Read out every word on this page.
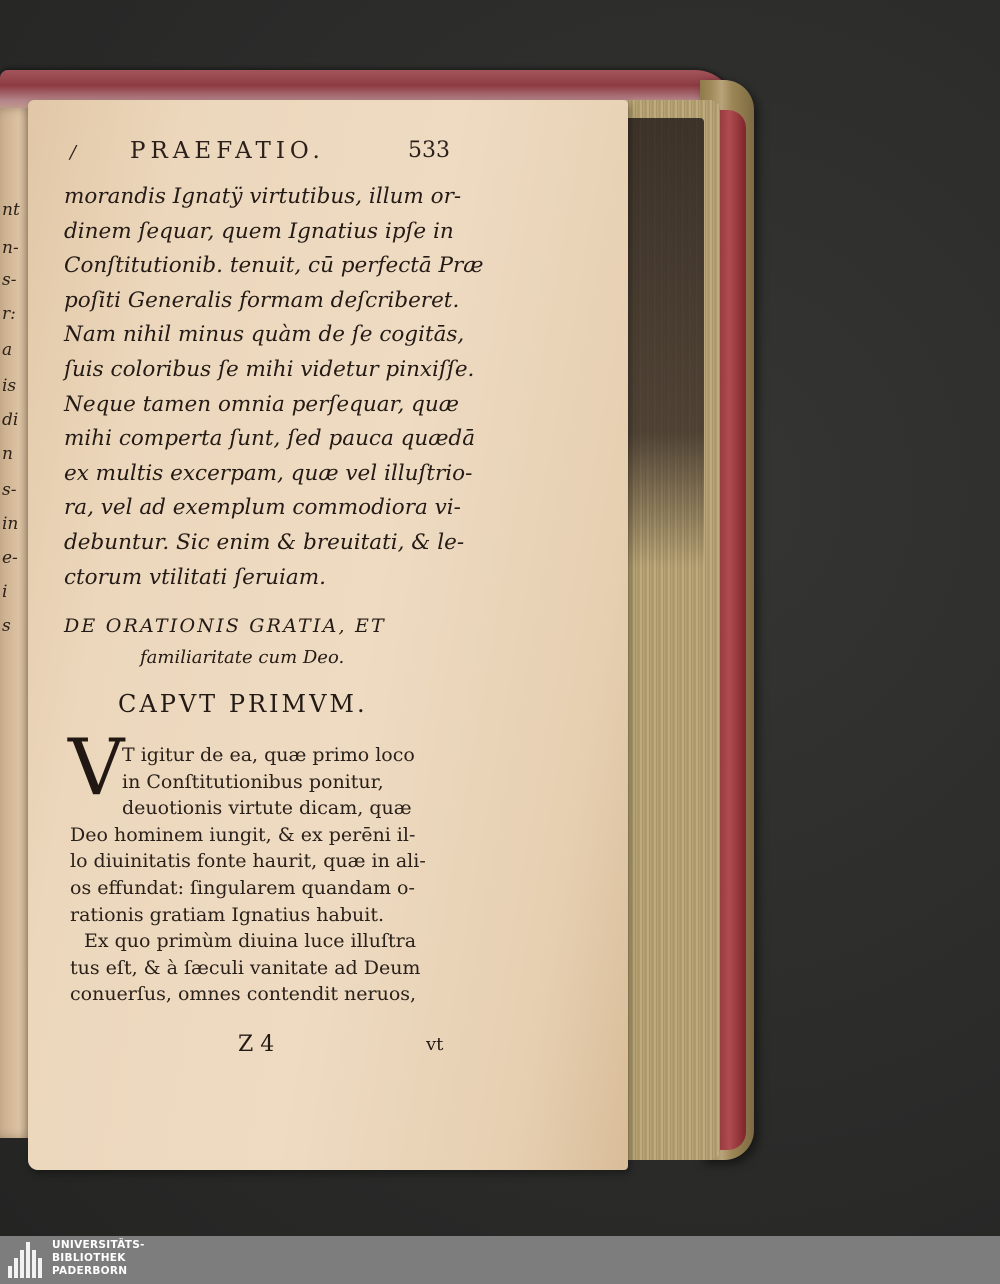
nt
n-
s-
r:
a
is
di
n
s-
in
e-
i
s
/ PRAEFATIO.	533
morandis Ignatÿ virtutibus, illum or-
dinem ſequar, quem Ignatius ipſe in
Conſtitutionib. tenuit, cū perfectā Præ
poſiti Generalis formam deſcriberet.
Nam nihil minus quàm de ſe cogitās,
ſuis coloribus ſe mihi videtur pinxiſſe.
Neque tamen omnia perſequar, quæ
mihi comperta ſunt, ſed pauca quædā
ex multis excerpam, quæ vel illuſtrio-
ra, vel ad exemplum commodiora vi-
debuntur. Sic enim & breuitati, & le-
ctorum vtilitati ſeruiam.
DE ORATIONIS GRATIA, ET
familiaritate cum Deo.
CAPVT PRIMVM.
V
T igitur de ea, quæ primo loco
in Conſtitutionibus ponitur,
deuotionis virtute dicam, quæ
Deo hominem iungit, & ex perēni il-
lo diuinitatis fonte haurit, quæ in ali-
os effundat: ſingularem quandam o-
rationis gratiam Ignatius habuit.
Ex quo primùm diuina luce illuſtra
tus eſt, & à ſæculi vanitate ad Deum
conuerſus, omnes contendit neruos,
Z 4	vt
UNIVERSITÄTS-
BIBLIOTHEK
PADERBORN
